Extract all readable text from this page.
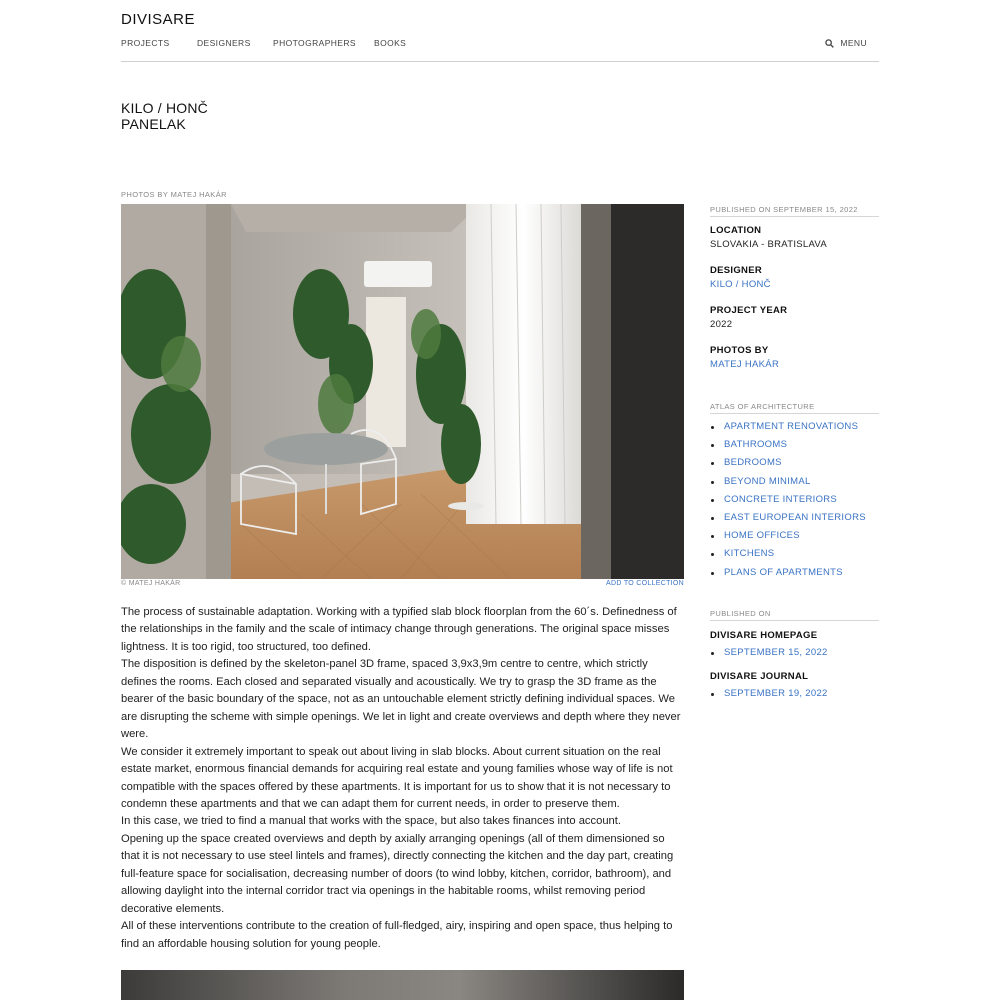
DIVISARE
PROJECTS	DESIGNERS	PHOTOGRAPHERS BOOKS	MENU
KILO / HONČ
PANELAK
PHOTOS BY MATEJ HAKÁR
© MATEJ HAKÁR	ADD TO COLLECTION

The process of sustainable adaptation. Working with a typified slab block floorplan from the 60´s. Definedness of the relationships in the family and the scale of intimacy change through generations. The original space misses lightness. It is too rigid, too structured, too defined.

The disposition is defined by the skeleton-panel 3D frame, spaced 3,9x3,9m centre to centre, which strictly defines the rooms. Each closed and separated visually and acoustically. We try to grasp the 3D frame as the bearer of the basic boundary of the space, not as an untouchable element strictly defining individual spaces. We are disrupting the scheme with simple openings. We let in light and create overviews and depth where they never were.

We consider it extremely important to speak out about living in slab blocks. About current situation on the real estate market, enormous financial demands for acquiring real estate and young families whose way of life is not compatible with the spaces offered by these apartments. It is important for us to show that it is not necessary to condemn these apartments and that we can adapt them for current needs, in order to preserve them.

In this case, we tried to find a manual that works with the space, but also takes finances into account.

Opening up the space created overviews and depth by axially arranging openings (all of them dimensioned so that it is not necessary to use steel lintels and frames), directly connecting the kitchen and the day part, creating full-feature space for socialisation, decreasing number of doors (to wind lobby, kitchen, corridor, bathroom), and allowing daylight into the internal corridor tract via openings in the habitable rooms, whilst removing period decorative elements.

All of these interventions contribute to the creation of full-fledged, airy, inspiring and open space, thus helping to find an affordable housing solution for young people.

PUBLISHED ON SEPTEMBER 15, 2022
LOCATION
SLOVAKIA - BRATISLAVA
DESIGNER
KILO / HONČ
PROJECT YEAR
2022
PHOTOS BY
MATEJ HAKÁR
ATLAS OF ARCHITECTURE
APARTMENT RENOVATIONS
BATHROOMS
BEDROOMS
BEYOND MINIMAL
CONCRETE INTERIORS
EAST EUROPEAN INTERIORS
HOME OFFICES
KITCHENS
PLANS OF APARTMENTS
PUBLISHED ON
DIVISARE HOMEPAGE
SEPTEMBER 15, 2022
DIVISARE JOURNAL
SEPTEMBER 19, 2022
